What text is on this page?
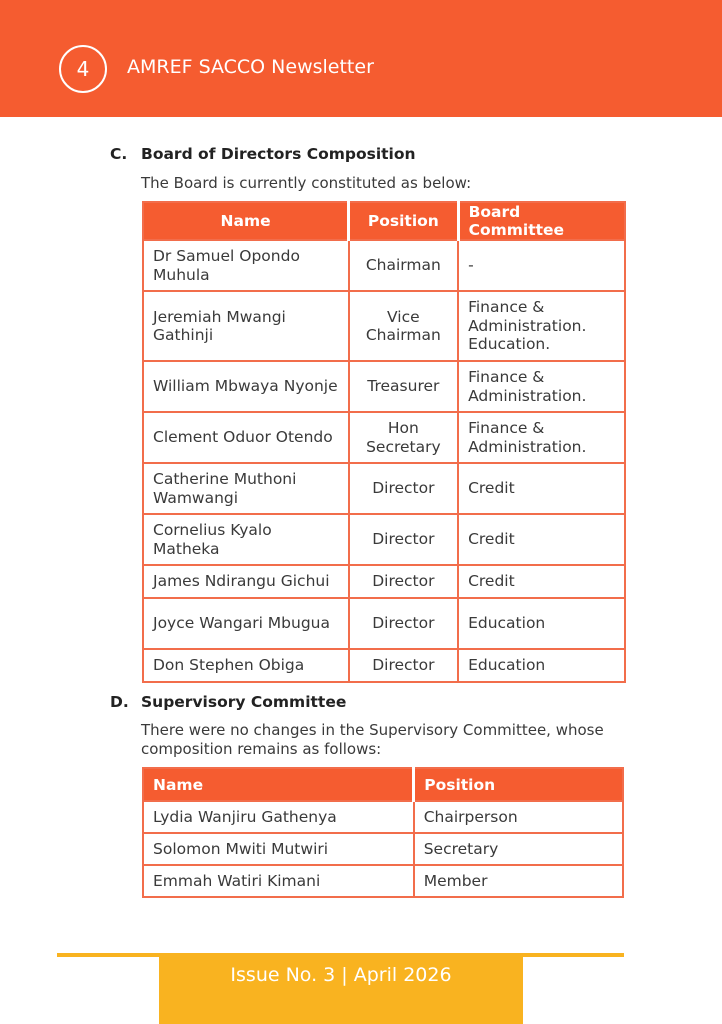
4	AMREF SACCO Newsletter
C. Board of Directors Composition
The Board is currently constituted as below:
Name	Position	Board Committee
Dr Samuel Opondo Muhula	Chairman	-
Jeremiah Mwangi Gathinji	Vice Chairman	Finance & Administration. Education.
William Mbwaya Nyonje	Treasurer	Finance & Administration.
Clement Oduor Otendo	Hon Secretary	Finance & Administration.
Catherine Muthoni Wamwangi	Director	Credit
Cornelius Kyalo Matheka	Director	Credit
James Ndirangu Gichui	Director	Credit
Joyce Wangari Mbugua	Director	Education
Don Stephen Obiga	Director	Education
D. Supervisory Committee
There were no changes in the Supervisory Committee, whose composition remains as follows:
Name	Position
Lydia Wanjiru Gathenya	Chairperson
Solomon Mwiti Mutwiri	Secretary
Emmah Watiri Kimani	Member
Issue No. 3 | April 2026
